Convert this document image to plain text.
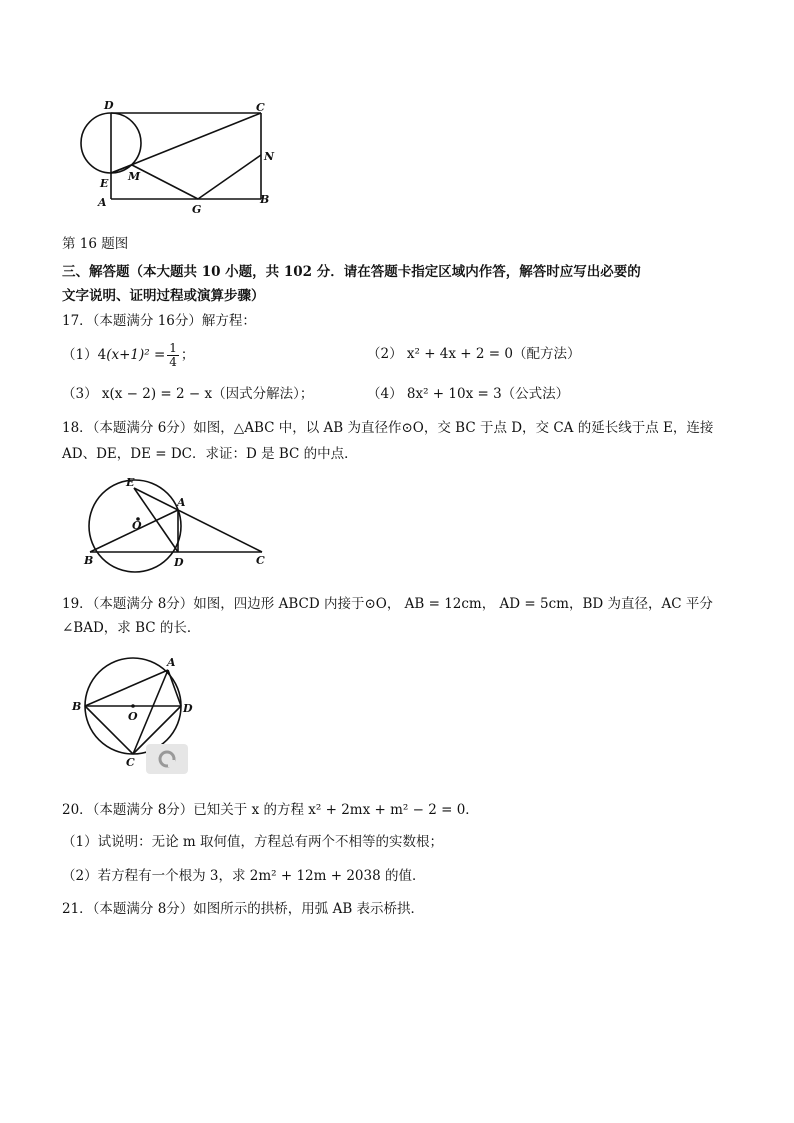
D	C
N
E
M
A
G
B
第 16 题图
三、解答题（本大题共 10 小题，共 102 分．请在答题卡指定区域内作答，解答时应写出必要的
文字说明、证明过程或演算步骤）
17．（本题满分 16分）解方程：
（1）4 $(x+1)^2 = \frac{1}{4}$ ；	（2） x² + 4x + 2 = 0（配方法）
（3） x(x − 2) = 2 − x（因式分解法）；	（4） 8x² + 10x = 3（公式法）
18．（本题满分 6分）如图，△ABC 中，以 AB 为直径作⊙O，交 BC 于点 D，交 CA 的延长线于点 E，连接
AD、DE，DE = DC．求证：D 是 BC 的中点．
E
A
O
B	D	C
19．（本题满分 8分）如图，四边形 ABCD 内接于⊙O， AB = 12cm， AD = 5cm，BD 为直径，AC 平分
∠BAD，求 BC 的长．
A
B
O
D
C
20．（本题满分 8分）已知关于 x 的方程 x² + 2mx + m² − 2 = 0．
（1）试说明：无论 m 取何值，方程总有两个不相等的实数根；
（2）若方程有一个根为 3，求 2m² + 12m + 2038 的值．
21．（本题满分 8分）如图所示的拱桥，用弧 AB 表示桥拱．
